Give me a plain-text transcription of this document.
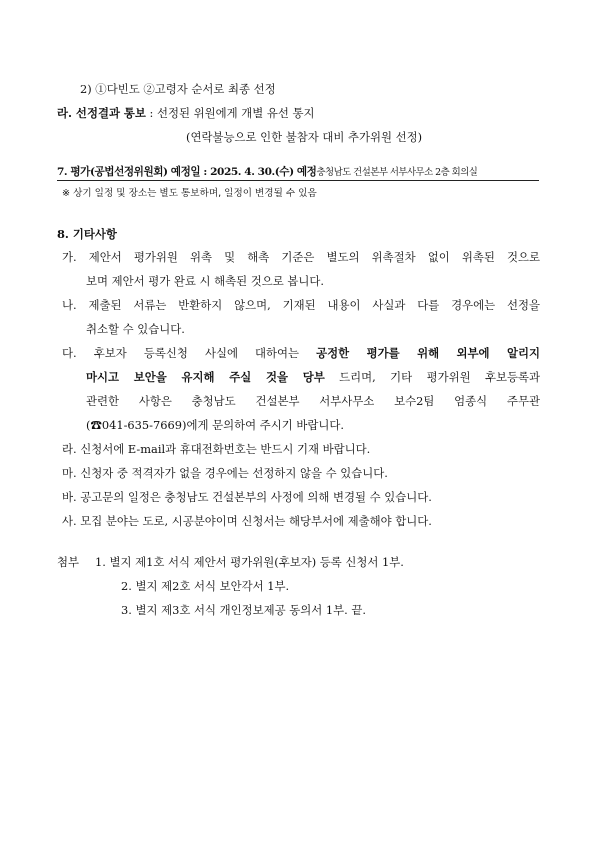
2) ①다빈도 ②고령자 순서로 최종 선정
라. 선정결과 통보 : 선정된 위원에게 개별 유선 통지
(연락불능으로 인한 불참자 대비 추가위원 선정)
7. 평가(공법선정위원회) 예정일 : 2025. 4. 30.(수) 예정충청남도 건설본부 서부사무소 2층 회의실
※ 상기 일정 및 장소는 별도 통보하며, 일정이 변경될 수 있음
8. 기타사항
가. 제안서 평가위원 위촉 및 해촉 기준은 별도의 위촉절차 없이 위촉된 것으로
보며 제안서 평가 완료 시 해촉된 것으로 봅니다.
나. 제출된 서류는 반환하지 않으며, 기재된 내용이 사실과 다를 경우에는 선정을
취소할 수 있습니다.
다. 후보자 등록신청 사실에 대하여는 공정한 평가를 위해 외부에 알리지
마시고 보안을 유지해 주실 것을 당부 드리며, 기타 평가위원 후보등록과
관련한 사항은 충청남도 건설본부 서부사무소 보수2팀 엄종식 주무관
(☎041-635-7669)에게 문의하여 주시기 바랍니다.
라. 신청서에 E-mail과 휴대전화번호는 반드시 기재 바랍니다.
마. 신청자 중 적격자가 없을 경우에는 선정하지 않을 수 있습니다.
바. 공고문의 일정은 충청남도 건설본부의 사정에 의해 변경될 수 있습니다.
사. 모집 분야는 도로, 시공분야이며 신청서는 해당부서에 제출해야 합니다.
첨부 1. 별지 제1호 서식 제안서 평가위원(후보자) 등록 신청서 1부.
2. 별지 제2호 서식 보안각서 1부.
3. 별지 제3호 서식 개인정보제공 동의서 1부. 끝.
